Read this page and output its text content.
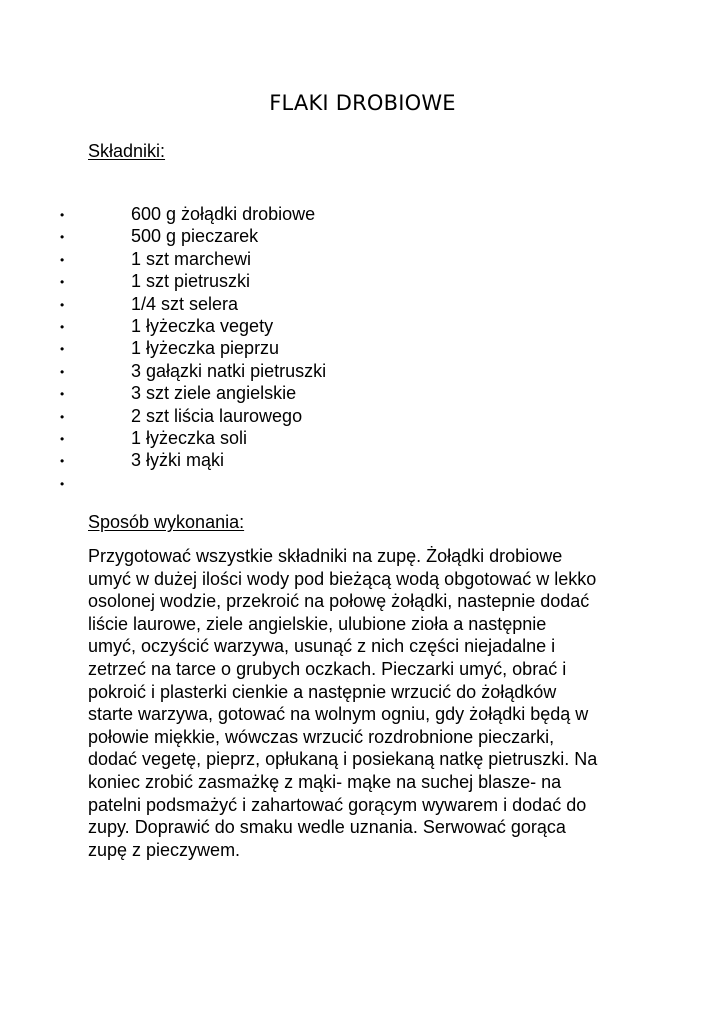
FLAKI DROBIOWE
Składniki:
•	600 g żołądki drobiowe
•	500 g pieczarek
•	1 szt marchewi
•	1 szt pietruszki
•	1/4 szt selera
•	1 łyżeczka vegety
•	1 łyżeczka pieprzu
•	3 gałązki natki pietruszki
•	3 szt ziele angielskie
•	2 szt liścia laurowego
•	1 łyżeczka soli
•	3 łyżki mąki
•
Sposób wykonania:
Przygotować wszystkie składniki na zupę. Żołądki drobiowe
umyć w dużej ilości wody pod bieżącą wodą obgotować w lekko
osolonej wodzie, przekroić na połowę żołądki, nastepnie dodać
liście laurowe, ziele angielskie, ulubione zioła a następnie
umyć, oczyścić warzywa, usunąć z nich części niejadalne i
zetrzeć na tarce o grubych oczkach. Pieczarki umyć, obrać i
pokroić i plasterki cienkie a następnie wrzucić do żołądków
starte warzywa, gotować na wolnym ogniu, gdy żołądki będą w
połowie miękkie, wówczas wrzucić rozdrobnione pieczarki,
dodać vegetę, pieprz, opłukaną i posiekaną natkę pietruszki. Na
koniec zrobić zasmażkę z mąki- mąke na suchej blasze- na
patelni podsmażyć i zahartować gorącym wywarem i dodać do
zupy. Doprawić do smaku wedle uznania. Serwować gorąca
zupę z pieczywem.
